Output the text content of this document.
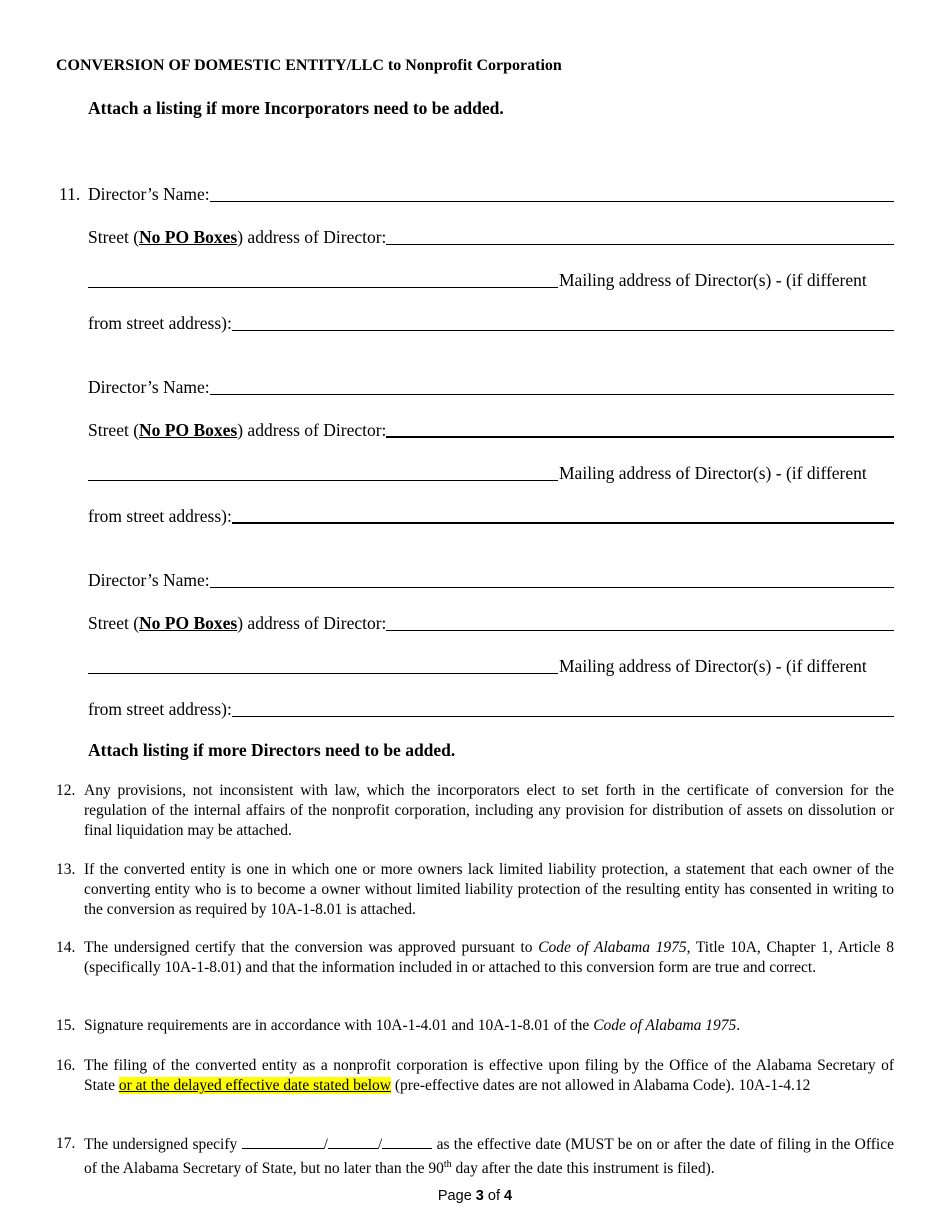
CONVERSION OF DOMESTIC ENTITY/LLC to Nonprofit Corporation
Attach a listing if more Incorporators need to be added.
11. Director’s Name:
Street (No PO Boxes) address of Director:
Mailing address of Director(s) - (if different
from street address):
Director’s Name:
Street (No PO Boxes) address of Director:
Mailing address of Director(s) - (if different
from street address):
Director’s Name:
Street (No PO Boxes) address of Director:
Mailing address of Director(s) - (if different
from street address):
Attach listing if more Directors need to be added.
12. Any provisions, not inconsistent with law, which the incorporators elect to set forth in the certificate of conversion for the regulation of the internal affairs of the nonprofit corporation, including any provision for distribution of assets on dissolution or final liquidation may be attached.
13. If the converted entity is one in which one or more owners lack limited liability protection, a statement that each owner of the converting entity who is to become a owner without limited liability protection of the resulting entity has consented in writing to the conversion as required by 10A-1-8.01 is attached.
14. The undersigned certify that the conversion was approved pursuant to Code of Alabama 1975, Title 10A, Chapter 1, Article 8 (specifically 10A-1-8.01) and that the information included in or attached to this conversion form are true and correct.
15. Signature requirements are in accordance with 10A-1-4.01 and 10A-1-8.01 of the Code of Alabama 1975.
16. The filing of the converted entity as a nonprofit corporation is effective upon filing by the Office of the Alabama Secretary of State or at the delayed effective date stated below (pre-effective dates are not allowed in Alabama Code). 10A-1-4.12
17. The undersigned specify	/	/	as the effective date (MUST be on or after the date of filing in the Office of the Alabama Secretary of State, but no later than the 90th day after the date this instrument is filed).
Page 3 of 4
